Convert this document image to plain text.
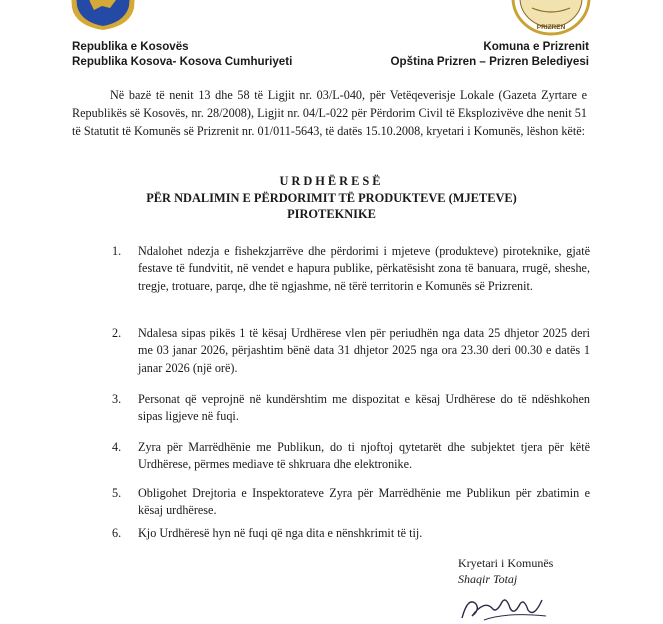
PRIZREN
Republika e Kosovës
Republika Kosova- Kosova Cumhuriyeti
Komuna e Prizrenit
Opština Prizren – Prizren Belediyesi
Në bazë të nenit 13 dhe 58 të Ligjit nr. 03/L-040, për Vetëqeverisje Lokale (Gazeta Zyrtare e Republikës së Kosovës, nr. 28/2008), Ligjit nr. 04/L-022 për Përdorim Civil të Eksplozivëve dhe nenit 51 të Statutit të Komunës së Prizrenit nr. 01/011-5643, të datës 15.10.2008, kryetari i Komunës, lëshon këtë:
URDHËRESË
PËR NDALIMIN E PËRDORIMIT TË PRODUKTEVE (MJETEVE)
PIROTEKNIKE
1. Ndalohet ndezja e fishekzjarrëve dhe përdorimi i mjeteve (produkteve) piroteknike, gjatë festave të fundvitit, në vendet e hapura publike, përkatësisht zona të banuara, rrugë, sheshe, tregje, trotuare, parqe, dhe të ngjashme, në tërë territorin e Komunës së Prizrenit.
2. Ndalesa sipas pikës 1 të kësaj Urdhërese vlen për periudhën nga data 25 dhjetor 2025 deri me 03 janar 2026, përjashtim bënë data 31 dhjetor 2025 nga ora 23.30 deri 00.30 e datës 1 janar 2026 (një orë).
3. Personat që veprojnë në kundërshtim me dispozitat e kësaj Urdhërese do të ndëshkohen sipas ligjeve në fuqi.
4. Zyra për Marrëdhënie me Publikun, do ti njoftoj qytetarët dhe subjektet tjera për këtë Urdhërese, përmes mediave të shkruara dhe elektronike.
5. Obligohet Drejtoria e Inspektorateve Zyra për Marrëdhënie me Publikun për zbatimin e kësaj urdhërese.
6. Kjo Urdhëresë hyn në fuqi që nga dita e nënshkrimit të tij.
Kryetari i Komunës
Shaqir Totaj
